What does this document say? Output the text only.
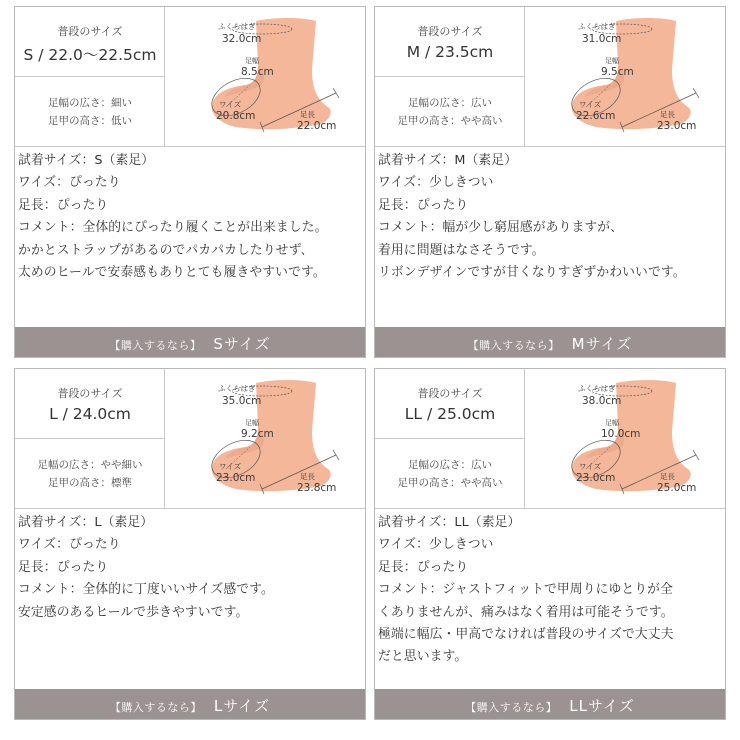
普段のサイズ
S / 22.0～22.5cm
足幅の広さ：細い
足甲の高さ：低い
ふくらはぎ
32.0cm
足幅
8.5cm
ワイズ
20.8cm	足長
22.0cm
試着サイズ：S（素足）
ワイズ：ぴったり
足長：ぴったり
コメント：全体的にぴったり履くことが出来ました。
かかとストラップがあるのでパカパカしたりせず、
太めのヒールで安泰感もありとても履きやすいです。
【購入するなら】 Sサイズ
普段のサイズ
M / 23.5cm
足幅の広さ：広い
足甲の高さ：やや高い
ふくらはぎ
31.0cm
足幅
9.5cm
ワイズ
22.6cm	足長
23.0cm
試着サイズ：M（素足）
ワイズ：少しきつい
足長：ぴったり
コメント：幅が少し窮屈感がありますが、
着用に問題はなさそうです。
リボンデザインですが甘くなりすぎずかわいいです。
【購入するなら】 Mサイズ
普段のサイズ
L / 24.0cm
足幅の広さ：やや細い
足甲の高さ：標準
ふくらはぎ
35.0cm
足幅
9.2cm
ワイズ
23.0cm	足長
23.8cm
試着サイズ：L（素足）
ワイズ：ぴったり
足長：ぴったり
コメント：全体的に丁度いいサイズ感です。
安定感のあるヒールで歩きやすいです。
【購入するなら】 Lサイズ
普段のサイズ
LL / 25.0cm
足幅の広さ：広い
足甲の高さ：やや高い
ふくらはぎ
38.0cm
足幅
10.0cm
ワイズ
23.0cm	足長
25.0cm
試着サイズ：LL（素足）
ワイズ：少しきつい
足長：ぴったり
コメント：ジャストフィットで甲周りにゆとりが全
くありませんが、痛みはなく着用は可能そうです。
極端に幅広・甲高でなければ普段のサイズで大丈夫
だと思います。
【購入するなら】 LLサイズ
